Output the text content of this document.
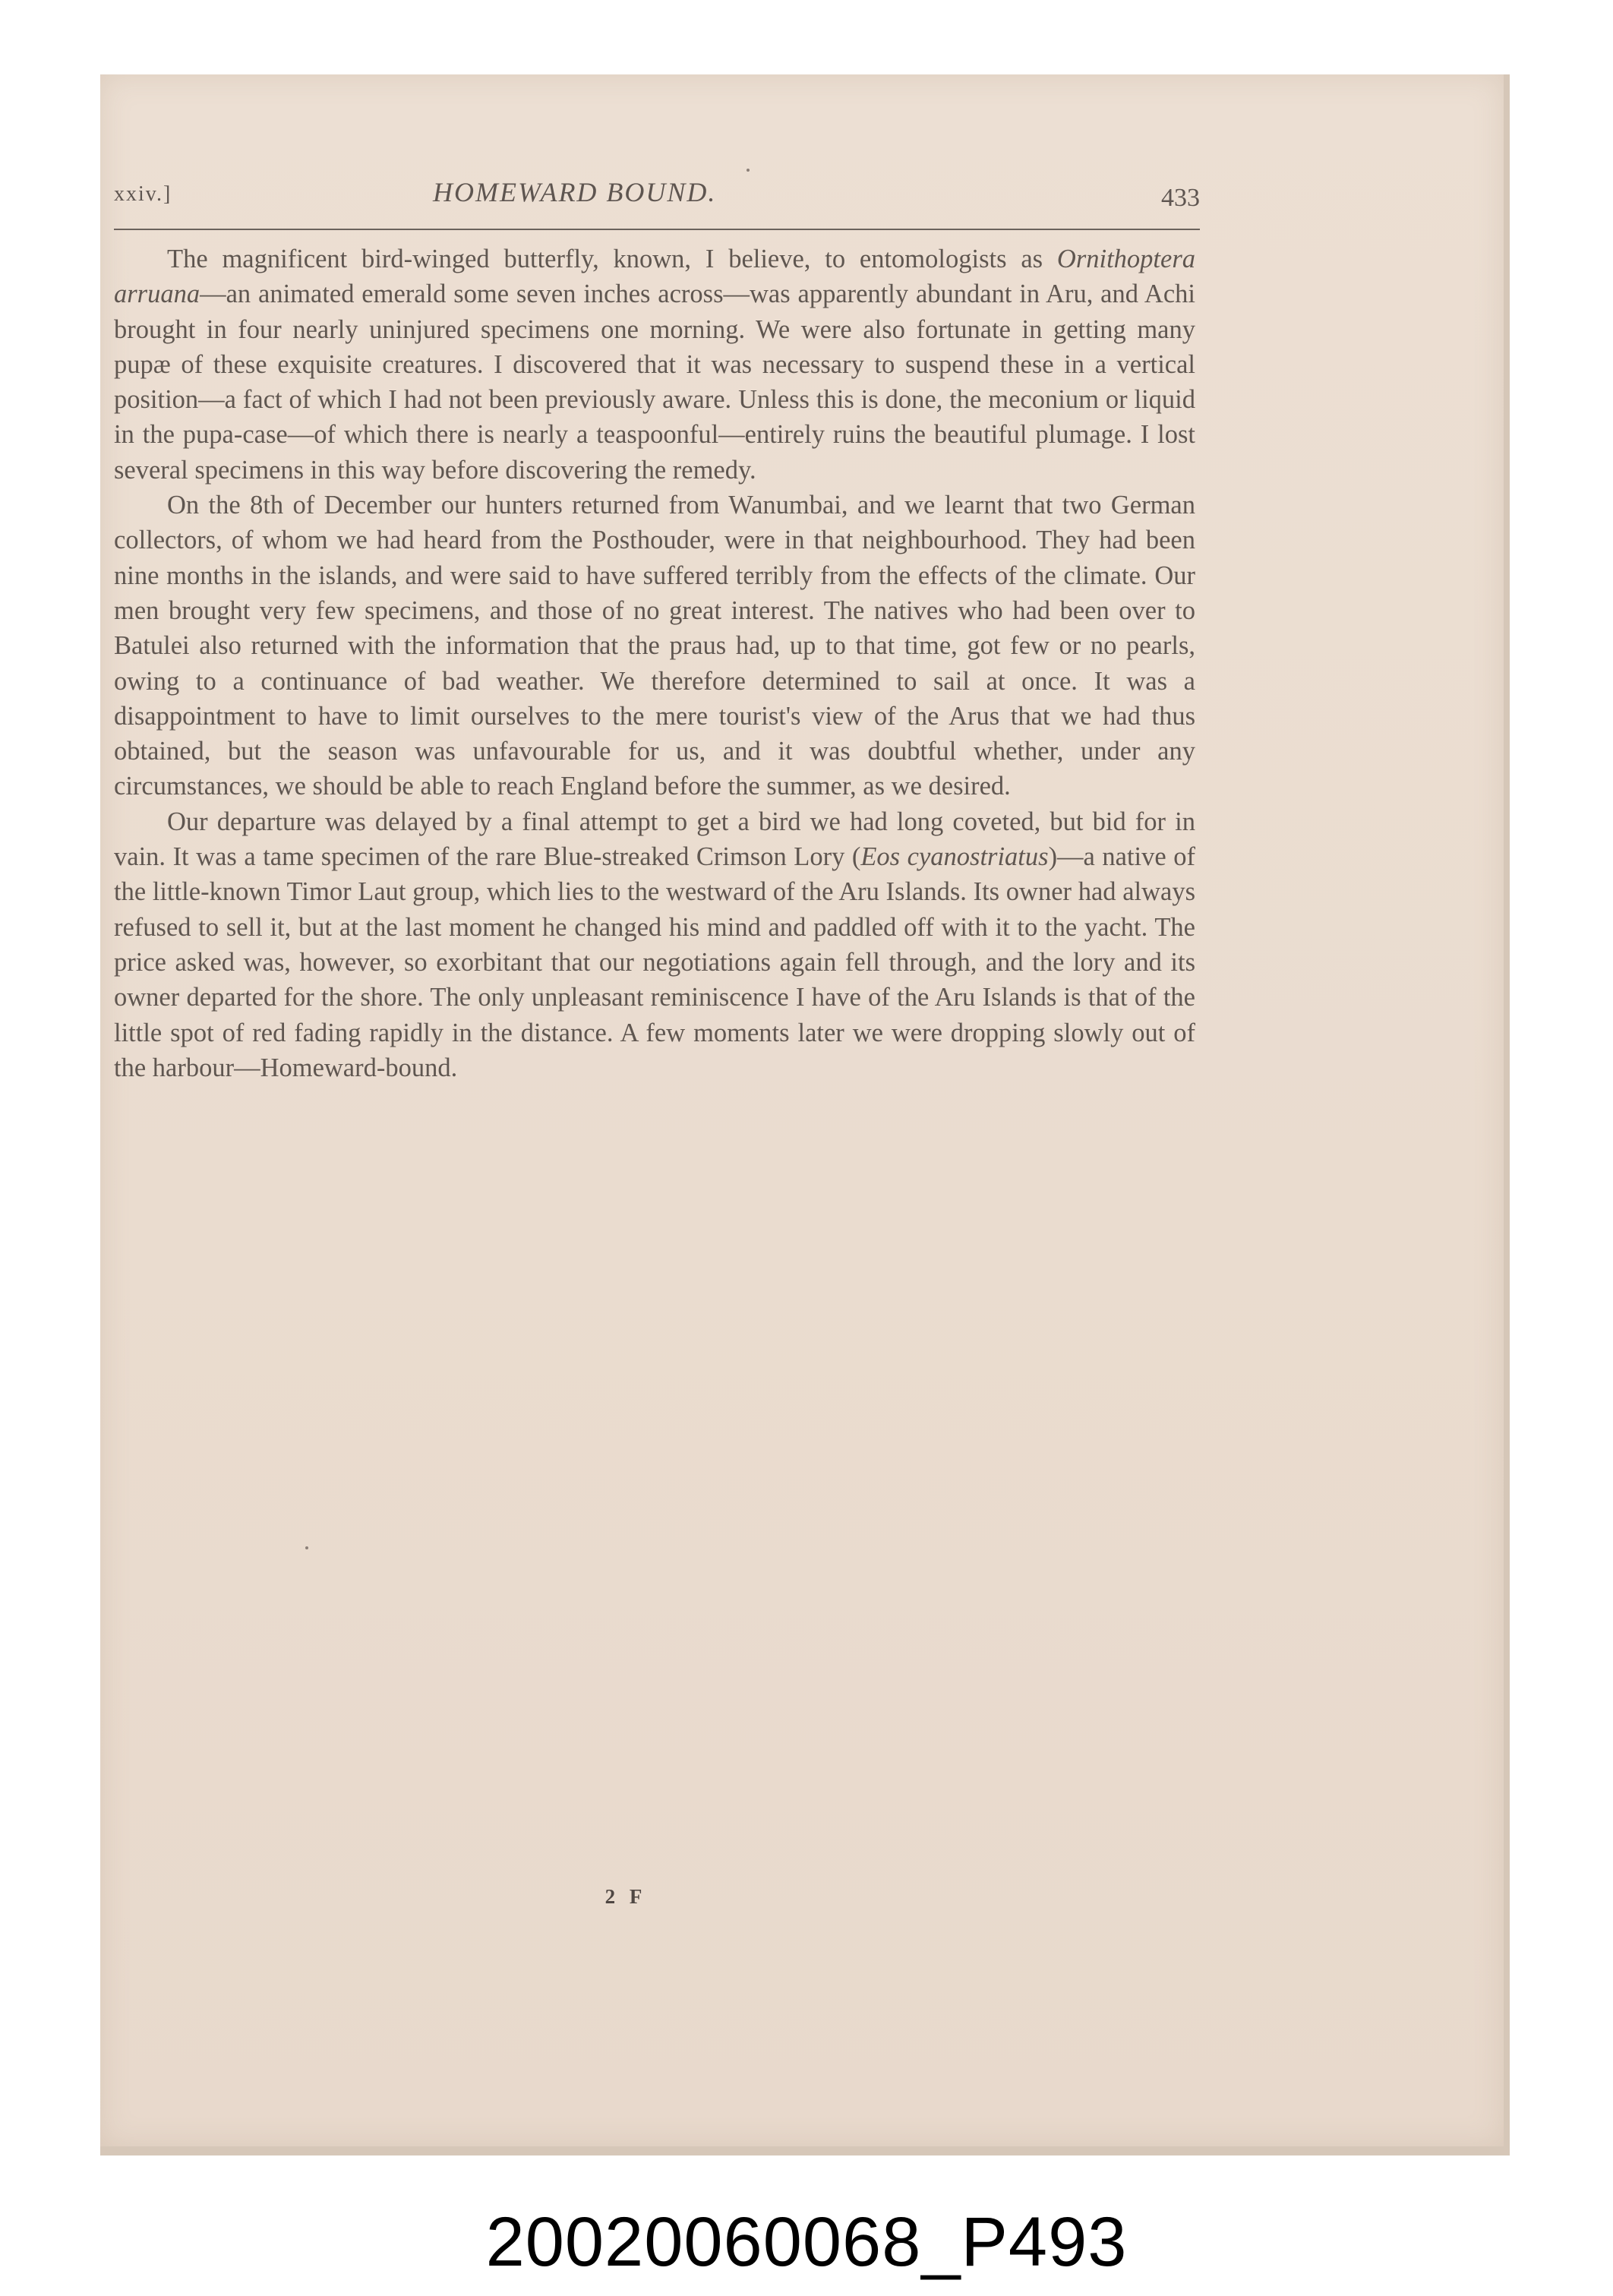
xxiv.]	HOMEWARD BOUND.	433

The magnificent bird-winged butterfly, known, I believe, to entomologists as Ornithoptera arruana—an animated emerald some seven inches across—was apparently abundant in Aru, and Achi brought in four nearly uninjured specimens one morning. We were also fortunate in getting many pupæ of these exquisite creatures. I discovered that it was necessary to suspend these in a vertical position—a fact of which I had not been previously aware. Unless this is done, the meconium or liquid in the pupa-case—of which there is nearly a teaspoonful—entirely ruins the beautiful plumage. I lost several specimens in this way before discovering the remedy.

On the 8th of December our hunters returned from Wanumbai, and we learnt that two German collectors, of whom we had heard from the Posthouder, were in that neighbourhood. They had been nine months in the islands, and were said to have suffered terribly from the effects of the climate. Our men brought very few specimens, and those of no great interest. The natives who had been over to Batulei also returned with the information that the praus had, up to that time, got few or no pearls, owing to a continuance of bad weather. We therefore determined to sail at once. It was a disappointment to have to limit ourselves to the mere tourist's view of the Arus that we had thus obtained, but the season was unfavourable for us, and it was doubtful whether, under any circumstances, we should be able to reach England before the summer, as we desired.

Our departure was delayed by a final attempt to get a bird we had long coveted, but bid for in vain. It was a tame specimen of the rare Blue-streaked Crimson Lory (Eos cyanostriatus)—a native of the little-known Timor Laut group, which lies to the westward of the Aru Islands. Its owner had always refused to sell it, but at the last moment he changed his mind and paddled off with it to the yacht. The price asked was, however, so exorbitant that our negotiations again fell through, and the lory and its owner departed for the shore. The only unpleasant reminiscence I have of the Aru Islands is that of the little spot of red fading rapidly in the distance. A few moments later we were dropping slowly out of the harbour—Homeward-bound.

2 F
20020060068_P493
